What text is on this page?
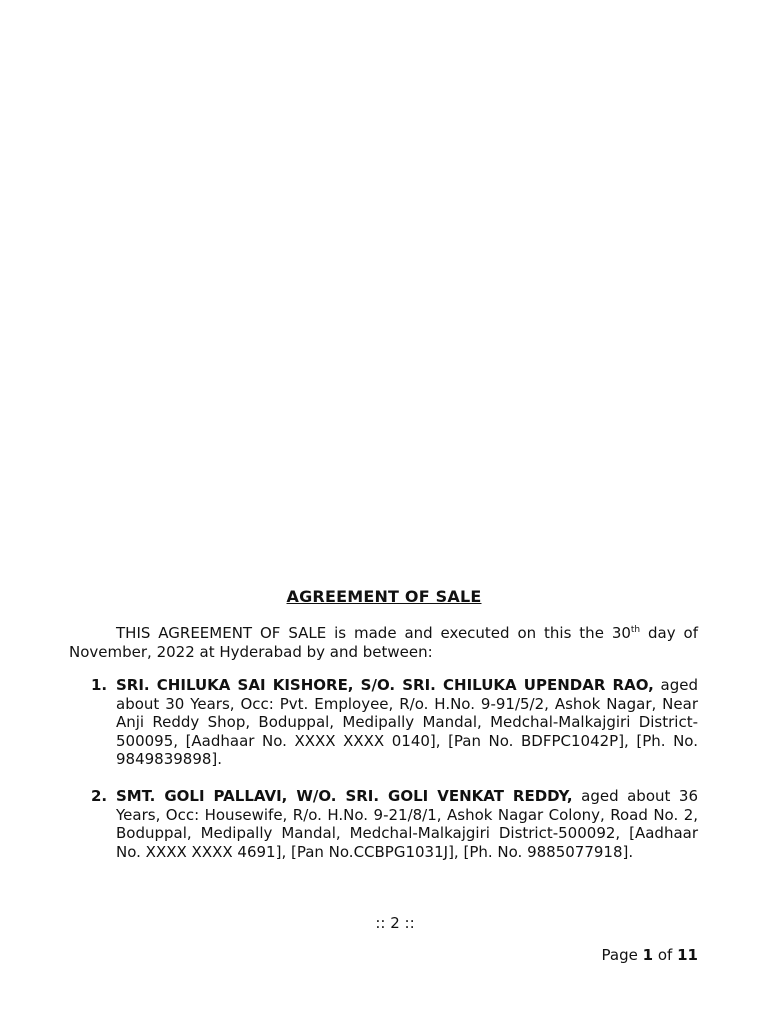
AGREEMENT OF SALE

THIS AGREEMENT OF SALE is made and executed on this the 30th day of November, 2022 at Hyderabad by and between:

1. SRI. CHILUKA SAI KISHORE, S/O. SRI. CHILUKA UPENDAR RAO, aged about 30 Years, Occ: Pvt. Employee, R/o. H.No. 9-91/5/2, Ashok Nagar, Near Anji Reddy Shop, Boduppal, Medipally Mandal, Medchal-Malkajgiri District-500095, [Aadhaar No. XXXX XXXX 0140], [Pan No. BDFPC1042P], [Ph. No. 9849839898].

2. SMT. GOLI PALLAVI, W/O. SRI. GOLI VENKAT REDDY, aged about 36 Years, Occ: Housewife, R/o. H.No. 9-21/8/1, Ashok Nagar Colony, Road No. 2, Boduppal, Medipally Mandal, Medchal-Malkajgiri District-500092, [Aadhaar No. XXXX XXXX 4691], [Pan No.CCBPG1031J], [Ph. No. 9885077918].

:: 2 ::
Page 1 of 11
